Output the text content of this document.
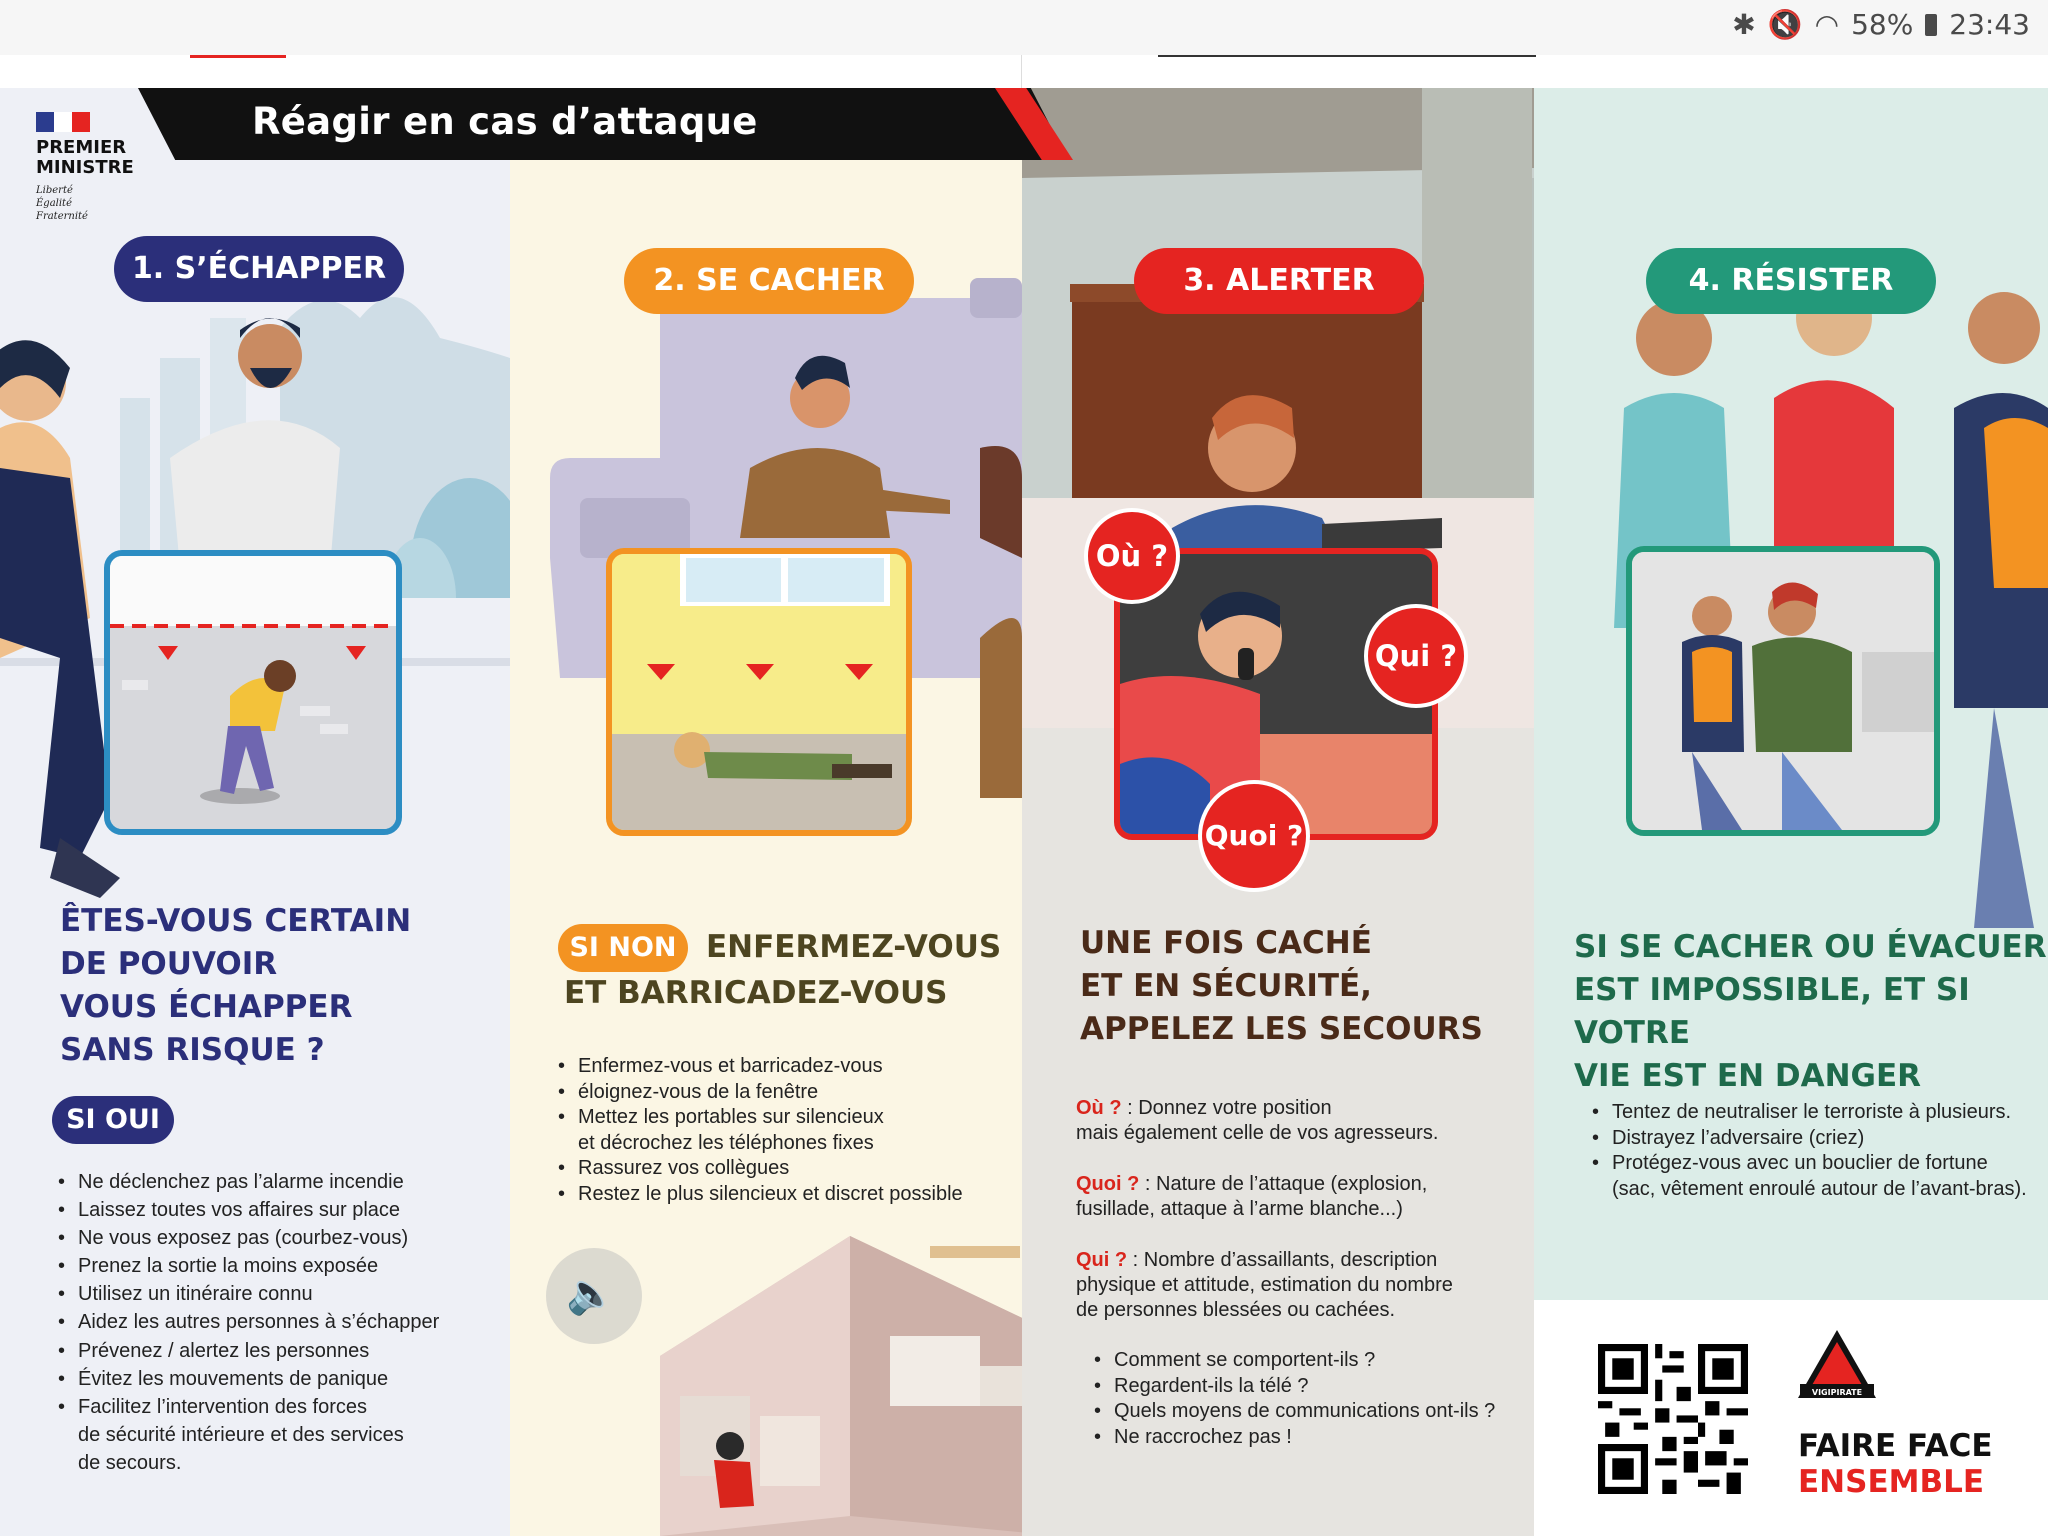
✱ 🔇 ◠ 58% 23:43
1. S’ÉCHAPPER
ÊTES-VOUS CERTAIN
DE POUVOIR
VOUS ÉCHAPPER
SANS RISQUE ?
SI OUI
• Ne déclenchez pas l’alarme incendie
• Laissez toutes vos affaires sur place
• Ne vous exposez pas (courbez-vous)
• Prenez la sortie la moins exposée
• Utilisez un itinéraire connu
• Aidez les autres personnes à s’échapper
• Prévenez / alertez les personnes
• Évitez les mouvements de panique
• Facilitez l’intervention des forces
de sécurité intérieure et des services
de secours.
2. SE CACHER
SI NON ENFERMEZ-VOUS
ET BARRICADEZ-VOUS
• Enfermez-vous et barricadez-vous
• éloignez-vous de la fenêtre
• Mettez les portables sur silencieux
et décrochez les téléphones fixes
• Rassurez vos collègues
• Restez le plus silencieux et discret possible
🔈
3. ALERTER
Où ?
Qui ?
Quoi ?
UNE FOIS CACHÉ
ET EN SÉCURITÉ,
APPELEZ LES SECOURS
Où ? : Donnez votre position
mais également celle de vos agresseurs.
Quoi ? : Nature de l’attaque (explosion,
fusillade, attaque à l’arme blanche...)
Qui ? : Nombre d’assaillants, description
physique et attitude, estimation du nombre
de personnes blessées ou cachées.
• Comment se comportent-ils ?
• Regardent-ils la télé ?
• Quels moyens de communications ont-ils ?
• Ne raccrochez pas !
4. RÉSISTER
SI SE CACHER OU ÉVACUER
EST IMPOSSIBLE, ET SI VOTRE
VIE EST EN DANGER
• Tentez de neutraliser le terroriste à plusieurs.
• Distrayez l’adversaire (criez)
• Protégez-vous avec un bouclier de fortune
(sac, vêtement enroulé autour de l’avant-bras).
VIGIPIRATE
FAIRE FACE
ENSEMBLE
Réagir en cas d’attaque
PREMIER
MINISTRE
Liberté
Égalité
Fraternité
